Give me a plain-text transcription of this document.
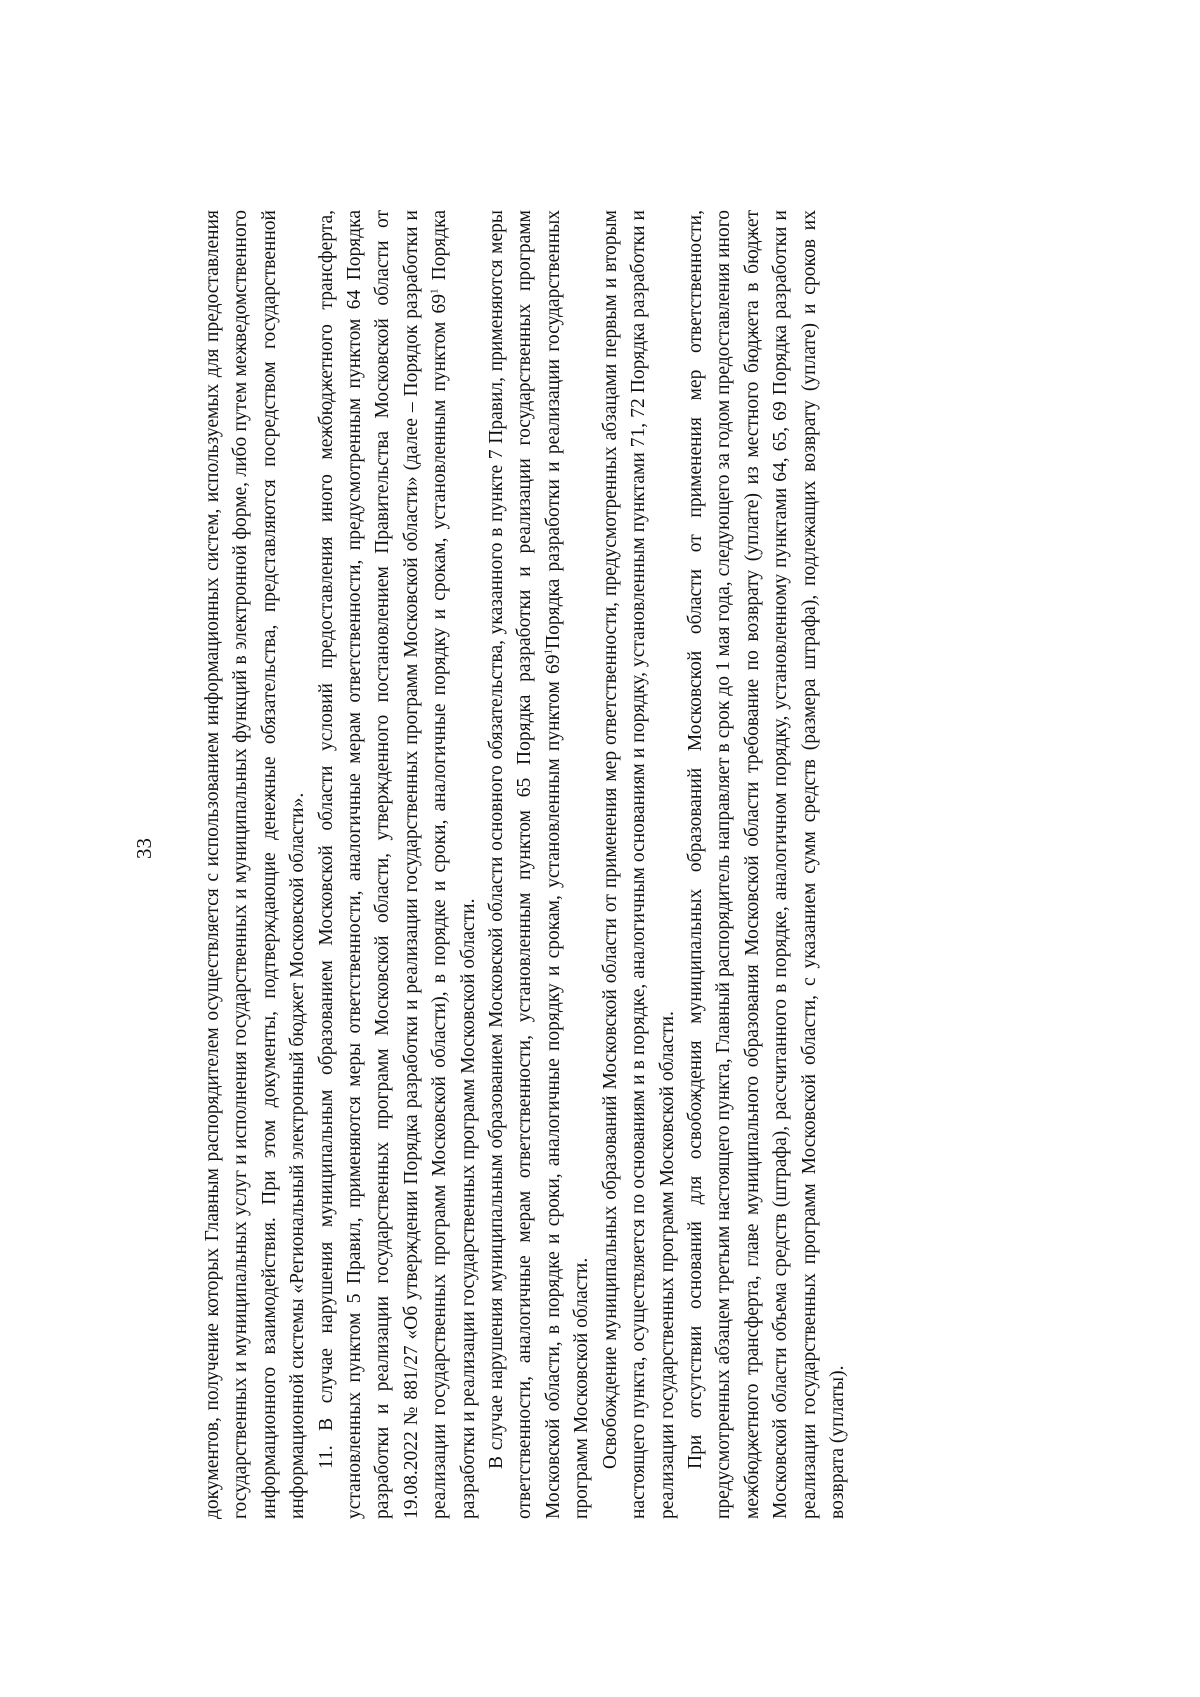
33 документов, получение которых Главным распорядителем осуществляется с использованием информационных систем, используемых для предоставления государственных и муниципальных услуг и исполнения государственных и муниципальных функций в электронной форме, либо путем межведомственного информационного взаимодействия. При этом документы, подтверждающие денежные обязательства, представляются посредством государственной информационной системы «Региональный электронный бюджет Московской области». 11. В случае нарушения муниципальным образованием Московской области условий предоставления иного межбюджетного трансферта, установленных пунктом 5 Правил, применяются меры ответственности, аналогичные мерам ответственности, предусмотренным пунктом 64 Порядка разработки и реализации государственных программ Московской области, утвержденного постановлением Правительства Московской области от 19.08.2022 № 881/27 «Об утверждении Порядка разработки и реализации государственных программ Московской области» (далее – Порядок разработки и реализации государственных программ Московской области), в порядке и сроки, аналогичные порядку и срокам, установленным пунктом $69^1$ Порядка разработки и реализации государственных программ Московской области. В случае нарушения муниципальным образованием Московской области основного обязательства, указанного в пункте 7 Правил, применяются меры ответственности, аналогичные мерам ответственности, установленным пунктом 65 Порядка разработки и реализации государственных программ Московской области, в порядке и сроки, аналогичные порядку и срокам, установленным пунктом $69^1Порядка$ разработки и реализации государственных программ Московской области. Освобождение муниципальных образований Московской области от применения мер ответственности, предусмотренных абзацами первым и вторым настоящего пункта, осуществляется по основаниям и в порядке, аналогичным основаниям и порядку, установленным пунктами 71, 72 Порядка разработки и реализации государственных программ Московской области. При отсутствии оснований для освобождения муниципальных образований Московской области от применения мер ответственности, предусмотренных абзацем третьим настоящего пункта, Главный распорядитель направляет в срок до 1 мая года, следующего за годом предоставления иного межбюджетного трансферта, главе муниципального образования Московской области требование по возврату (уплате) из местного бюджета в бюджет Московской области объема средств (штрафа), рассчитанного в порядке, аналогичном порядку, установленному пунктами 64, 65, 69 Порядка разработки и реализации государственных программ Московской области, с указанием сумм средств (размера штрафа), подлежащих возврату (уплате) и сроков их возврата (уплаты).
